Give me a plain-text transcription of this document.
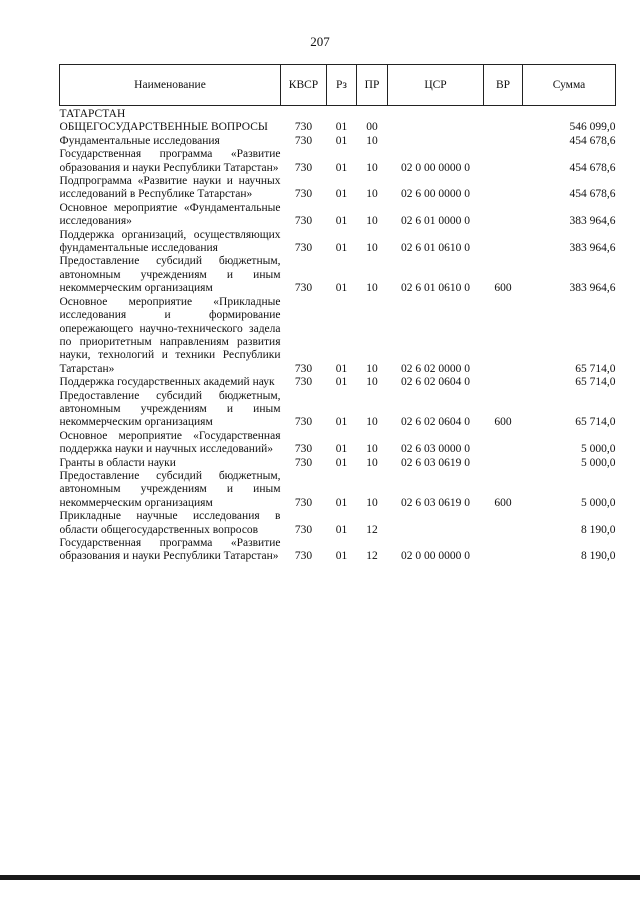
207
Наименование	КВСР	Рз	ПР	ЦСР	ВР	Сумма
ТАТАРСТАН
ОБЩЕГОСУДАРСТВЕННЫЕ ВОПРОСЫ	730	01	00			546 099,0
Фундаментальные исследования	730	01	10			454 678,6
Государственная программа «Развитие образования и науки Республики Татарстан»	730	01	10	02 0 00 0000 0		454 678,6
Подпрограмма «Развитие науки и научных исследований в Республике Татарстан»	730	01	10	02 6 00 0000 0		454 678,6
Основное мероприятие «Фундаментальные исследования»	730	01	10	02 6 01 0000 0		383 964,6
Поддержка организаций, осуществляющих фундаментальные исследования	730	01	10	02 6 01 0610 0		383 964,6
Предоставление субсидий бюджетным, автономным учреждениям и иным некоммерческим организациям	730	01	10	02 6 01 0610 0	600	383 964,6
Основное мероприятие «Прикладные исследования и формирование опережающего научно-технического задела по приоритетным направлениям развития науки, технологий и техники Республики Татарстан»	730	01	10	02 6 02 0000 0		65 714,0
Поддержка государственных академий наук	730	01	10	02 6 02 0604 0		65 714,0
Предоставление субсидий бюджетным, автономным учреждениям и иным некоммерческим организациям	730	01	10	02 6 02 0604 0	600	65 714,0
Основное мероприятие «Государственная поддержка науки и научных исследований»	730	01	10	02 6 03 0000 0		5 000,0
Гранты в области науки	730	01	10	02 6 03 0619 0		5 000,0
Предоставление субсидий бюджетным, автономным учреждениям и иным некоммерческим организациям	730	01	10	02 6 03 0619 0	600	5 000,0
Прикладные научные исследования в области общегосударственных вопросов	730	01	12			8 190,0
Государственная программа «Развитие образования и науки Республики Татарстан»	730	01	12	02 0 00 0000 0		8 190,0
